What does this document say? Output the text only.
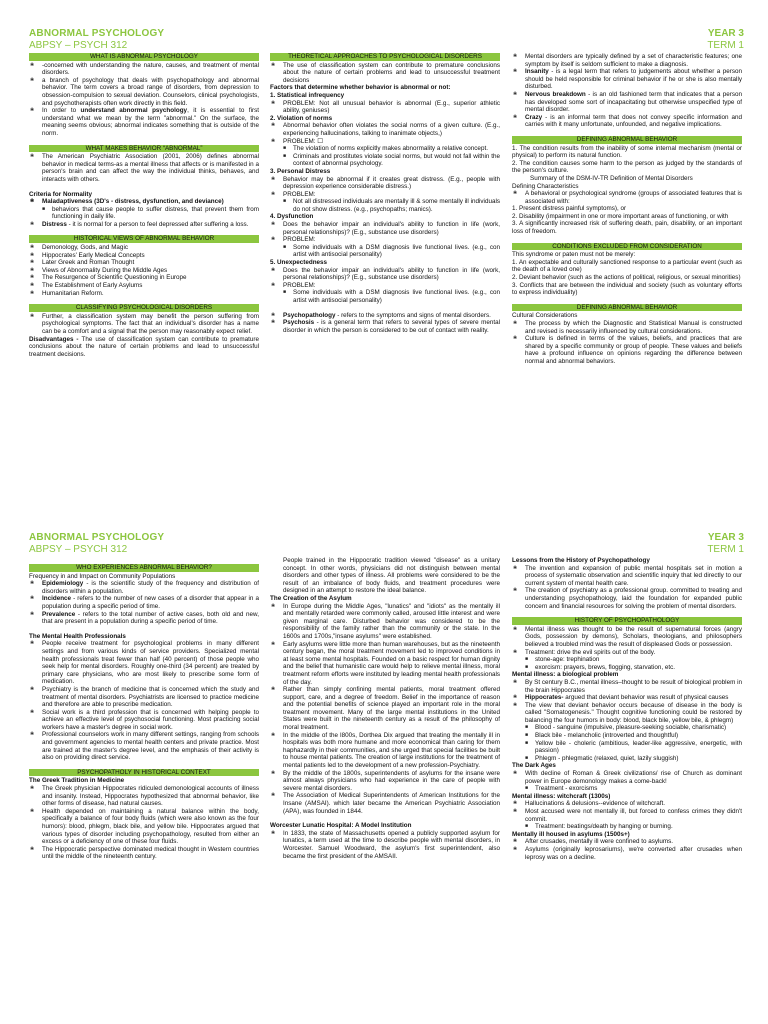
ABNORMAL PSYCHOLOGY
ABPSY – PSYCH 312
YEAR 3
TERM 1
WHAT IS ABNORMAL PSYCHOLOGY
❀ -concerned with understanding the nature, causes, and treatment of mental disorders.
❀ a branch of psychology that deals with psychopathology and abnormal behavior. The term covers a broad range of disorders, from depression to obsession-compulsion to sexual deviation. Counselors, clinical psychologists, and psychotherapists often work directly in this field.
❀ In order to understand abnormal psychology, it is essential to first understand what we mean by the term "abnormal." On the surface, the meaning seems obvious; abnormal indicates something that is outside of the norm.
WHAT MAKES BEHAVIOR “ABNORMAL”
❀ The American Psychiatric Association (2001, 2006) defines abnormal behavior in medical terms-as a mental illness that affects or is manifested in a person's brain and can affect the way the individual thinks, behaves, and interacts with others.

Criteria for Normality

❀ Maladaptiveness (3D's - distress, dysfunction, and deviance)
■ behaviors that cause people to suffer distress, that prevent them from functioning in daily life.
❀ Distress - it is normal for a person to feel depressed after suffering a loss.
HISTORICAL VIEWS OF ABNORMAL BEHAVIOR
❀ Demonology, Gods, and Magic
❀ Hippocrates' Early Medical Concepts
❀ Later Greek and Roman Thought
❀ Views of Abnormality During the Middle Ages
❀ The Resurgence of Scientific Questioning in Europe
❀ The Establishment of Early Asylums
❀ Humanitarian Reform.
CLASSIFYING PSYCHOLOGICAL DISORDERS
❀ Further, a classification system may benefit the person suffering from psychological symptoms. The fact that an individual's disorder has a name can be a comfort and a signal that the person may reasonably expect relief.

Disadvantages - The use of classification system can contribute to premature conclusions about the nature of certain problems and lead to unsuccessful treatment decisions.

THEORETICAL APPROACHES TO PSYCHOLOGICAL DISORDERS
❀ The use of classification system can contribute to premature conclusions about the nature of certain problems and lead to unsuccessful treatment decisions

Factors that determine whether behavior is abnormal or not:

1. Statistical infrequency

❀ PROBLEM: Not all unusual behavior is abnormal (E.g., superior athletic ability, geniuses)

2. Violation of norms

❀ Abnormal behavior often violates the social norms of a given culture. (E.g., experiencing hallucinations, talking to inanimate objects,)
❀ PROBLEM: ☐
■ The violation of norms explicitly makes abnormality a relative concept.
■ Criminals and prostitutes violate social norms, but would not fall within the context of abnormal psychology.

3. Personal Distress

❀ Behavior may be abnormal if it creates great distress. (E.g., people with depression experience considerable distress.)
❀ PROBLEM:
■ Not all distressed individuals are mentally ill & some mentally ill individuals do not show distress. (e.g., psychopaths; manics).

4. Dysfunction

❀ Does the behavior impair an individual's ability to function in life (work, personal relationships)? (E.g., substance use disorders)
❀ PROBLEM:
■ Some individuals with a DSM diagnosis live functional lives. (e.g., con artist with antisocial personality)

5. Unexpectedness

❀ Does the behavior impair an individual's ability to function in life (work, personal relationships)? (E.g., substance use disorders)
❀ PROBLEM:
■ Some individuals with a DSM diagnosis live functional lives. (e.g., con artist with antisocial personality)
❀ Psychopathology - refers to the symptoms and signs of mental disorders.
❀ Psychosis - is a general term that refers to several types of severe mental disorder in which the person is considered to be out of contact with reality.
❀ Mental disorders are typically defined by a set of characteristic features; one symptom by itself is seldom sufficient to make a diagnosis.
❀ Insanity - is a legal term that refers to judgements about whether a person should be held responsible for criminal behavior if he or she is also mentally disturbed.
❀ Nervous breakdown - is an old fashioned term that indicates that a person has developed some sort of incapacitating but otherwise unspecified type of mental disorder.
❀ Crazy - is an informal term that does not convey specific information and carries with it many unfortunate, unfounded, and negative implications.
DEFINING ABNORMAL BEHAVIOR

1. The condition results from the inability of some internal mechanism (mental or physical) to perform its natural function.

2. The condition causes some harm to the person as judged by the standards of the person's culture.

Summary of the DSM-IV-TR Definition of Mental Disorders

Defining Characteristics

❀ A behavioral or psychological syndrome (groups of associated features that is associated with:

1. Present distress painful symptoms), or

2. Disability (impairment in one or more important areas of functioning, or with

3. A significantly increased risk of suffering death, pain, disability, or an important loss of freedom.

CONDITIONS EXCLUDED FROM CONSIDERATION

This syndrome or paten must not be merely:

1. An expectable and culturally sanctioned response to a particular event (such as the death of a loved one)

2. Deviant behavior (such as the actions of political, religious, or sexual minorities)

3. Conflicts that are between the individual and society (such as voluntary efforts to express individuality)

DEFINING ABNORMAL BEHAVIOR

Cultural Considerations

❀ The process by which the Diagnostic and Statistical Manual is constructed and revised is necessarily influenced by cultural considerations.
❀ Culture is defined in terms of the values, beliefs, and practices that are shared by a specific community or group of people. These values and beliefs have a profound influence on opinions regarding the difference between normal and abnormal behaviors.
ABNORMAL PSYCHOLOGY
ABPSY – PSYCH 312
YEAR 3
TERM 1
WHO EXPERIENCES ABNORMAL BEHAVIOR?

Frequency in and Impact on Community Populations

❀ Epidemiology - is the scientific study of the frequency and distribution of disorders within a population.
❀ Incidence - refers to the number of new cases of a disorder that appear in a population during a specific period of time.
❀ Prevalence - refers to the total number of active cases, both old and new, that are present in a population during a specific period of time.

The Mental Health Professionals

❀ People receive treatment for psychological problems in many different settings and from various kinds of service providers. Specialized mental health professionals treat fewer than half (40 percent) of those people who seek help for mental disorders. Roughly one-third (34 percent) are treated by primary care physicians, who are most likely to prescribe some form of medication.
❀ Psychiatry is the branch of medicine that is concerned which the study and treatment of mental disorders. Psychiatrists are licensed to practice medicine and therefore are able to prescribe medication.
❀ Social work is a third profession that is concerned with helping people to achieve an effective level of psychosocial functioning. Most practicing social workers have a master's degree in social work.
❀ Professional counselors work in many different settings, ranging from schools and government agencies to mental health centers and private practice. Most are trained at the master's degree level, and the emphasis of their activity is also on providing direct service.
PSYCHOPATHOLY IN HISTORICAL CONTEXT

The Greek Tradition in Medicine

❀ The Greek physician Hippocrates ridiculed demonological accounts of illness and insanity. Instead, Hippocrates hypothesized that abnormal behavior, like other forms of disease, had natural causes.
❀ Health depended on maintaining a natural balance within the body, specifically a balance of four body fluids (which were also known as the four humors): blood, phlegm, black bile, and yellow bile. Hippocrates argued that various types of disorder including psychopathology, resulted from either an excess or a deficiency of one of these four fluids.
❀ The Hippocratic perspective dominated medical thought in Western countries until the middle of the nineteenth century.

People trained in the Hippocratic tradition viewed "disease" as a unitary concept. In other words, physicians did not distinguish between mental disorders and other types of illness. All problems were considered to be the result of an imbalance of body fluids, and treatment procedures were designed in an attempt to restore the ideal balance.

The Creation of the Asylum

❀ In Europe during the Middle Ages, "lunatics" and "idiots" as the mentally ill and mentally retarded were commonly called, aroused little interest and were given marginal care. Disturbed behavior was considered to be the responsibility of the family rather than the community or the state. In the 1600s and 1700s,"insane asylums" were established.
❀ Early asylums were little more than human warehouses, but as the nineteenth century began, the moral treatment movement led to improved conditions in at least some mental hospitals. Founded on a basic respect for human dignity and the belief that humanistic care would help to relieve mental illness, moral treatment reform efforts were instituted by leading mental health professionals of the day.
❀ Rather than simply confining mental patients, moral treatment offered support, care, and a degree of freedom. Belief in the importance of reason and the potential benefits of science played an important role in the moral treatment movement. Many of the large mental institutions in the United States were built in the nineteenth century as a result of the philosophy of moral treatment.
❀ In the middle of the l800s, Dorthea Dix argued that treating the mentally ill in hospitals was both more humane and more economical than caring for them haphazardly in their communities, and she urged that special facilities be built to house mental patients. The creation of large institutions for the treatment of mental patients led to the development of a new profession-Psychiatry.
❀ By the middle of the 1800s, superintendents of asylums for the insane were almost always physicians who had experience in the care of people with severe mental disorders.
❀ The Association of Medical Superintendents of American Institutions for the Insane (AMSAI). which later became the American Psychiatric Association (APA), was founded in 1844.

Worcester Lunatic Hospital: A Model Institution

❀ In 1833, the state of Massachusetts opened a publicly supported asylum for lunatics, a term used at the time to describe people with mental disorders, in Worcester. Samuel Woodward, the asylum's first superintendent, also became the first president of the AMSAII.

Lessons from the History of Psychopathology

❀ The invention and expansion of public mental hospitals set in motion a process of systematic observation and scientific inquiry that led directly to our current system of mental health care.
❀ The creation of psychiatry as a professional group. committed to treating and understanding psychopathology, laid the foundation for expanded public concern and financial resources for solving the problem of mental disorders.
HISTORY OF PSYCHOPATHOLOGY
❀ Mental illness was thought to be the result of supernatural forces (angry Gods, possession by demons), Scholars, theologians, and philosophers believed a troubled mind was the result of displeased Gods or possession.
❀ Treatment: drive the evil spirits out of the body.
■ stone-age: trephination
■ exorcism: prayers, brews, flogging, starvation, etc.

Mental illness: a biological problem

❀ By St century B.C., mental illness–thought to be result of biological problem in the brain Hippocrates
❀ Hippocrates- argued that deviant behavior was result of physical causes
❀ The view that deviant behavior occurs because of disease in the body is called "Somatogenesis." Thought cognitive functioning could be restored by balancing the four humors in body: blood, black bile, yellow bile, & phlegm)
■ Blood - sanguine (impulsive, pleasure-seeking sociable, charismatic)
■ Black bile - melancholic (introverted and thoughtful)
■ Yellow bile - choleric (ambitious, leader-like aggressive, energetic, with passion)
■ Phlegm - phlegmatic (relaxed, quiet, lazily sluggish)

The Dark Ages

❀ With decline of Roman & Greek civilizations/ rise of Church as dominant power in Europe demonology makes a come-back!
■ Treatment - exorcisms

Mental illness: witchcraft (1300s)

❀ Hallucinations & delusions--evidence of witchcraft.
❀ Most accused were not mentally ill, but forced to confess crimes they didn't commit.
■ Treatment: beatings/death by hanging or burning.

Mentally ill housed in asylums (1500s+)

❀ After crusades, mentally ill were confined to asylums.
❀ Asylums (originally leprosariums), we're converted after crusades when leprosy was on a decline.
